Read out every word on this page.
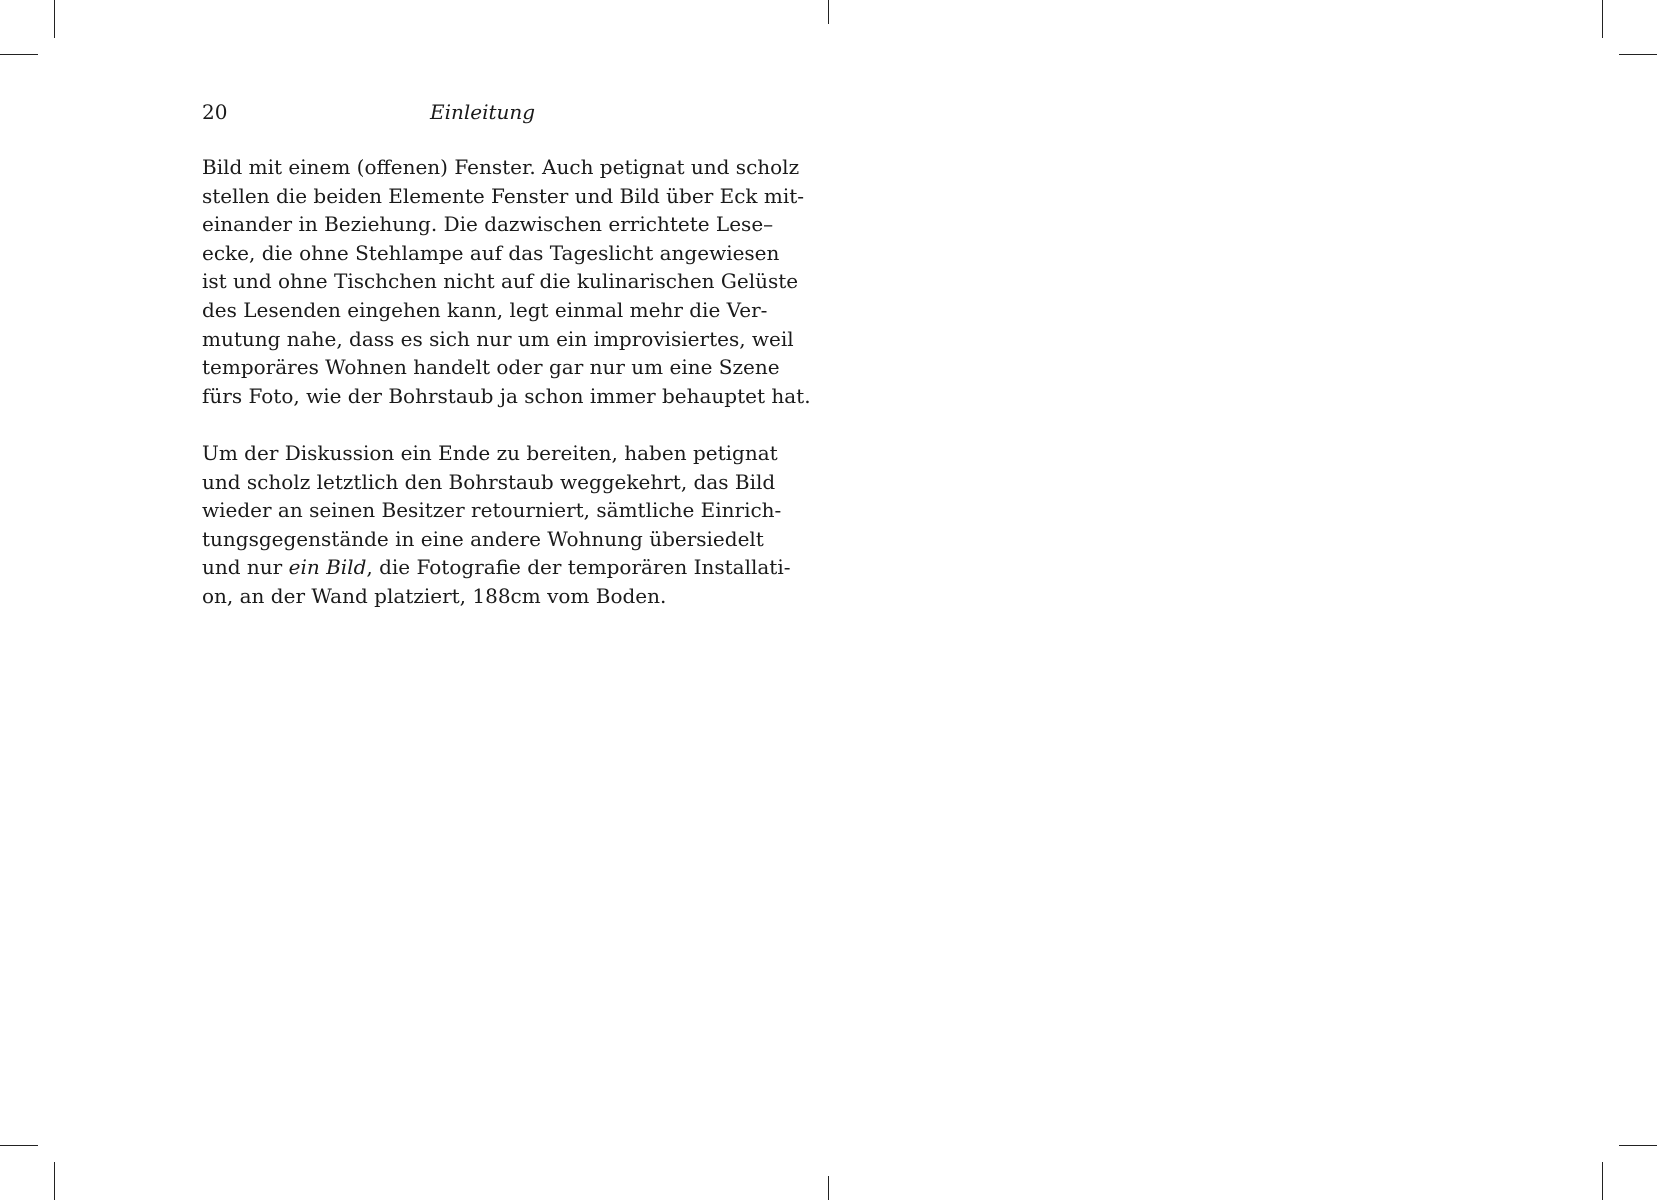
20	Einleitung
Bild mit einem (offenen) Fenster. Auch petignat und scholz
stellen die beiden Elemente Fenster und Bild über Eck mit-
einander in Beziehung. Die dazwischen errichtete Lese–
ecke, die ohne Stehlampe auf das Tageslicht angewiesen
ist und ohne Tischchen nicht auf die kulinarischen Gelüste
des Lesenden eingehen kann, legt einmal mehr die Ver-
mutung nahe, dass es sich nur um ein improvisiertes, weil
temporäres Wohnen handelt oder gar nur um eine Szene
fürs Foto, wie der Bohrstaub ja schon immer behauptet hat.
Um der Diskussion ein Ende zu bereiten, haben petignat
und scholz letztlich den Bohrstaub weggekehrt, das Bild
wieder an seinen Besitzer retourniert, sämtliche Einrich-
tungsgegenstände in eine andere Wohnung übersiedelt
und nur ein Bild, die Fotografie der temporären Installati-
on, an der Wand platziert, 188cm vom Boden.
